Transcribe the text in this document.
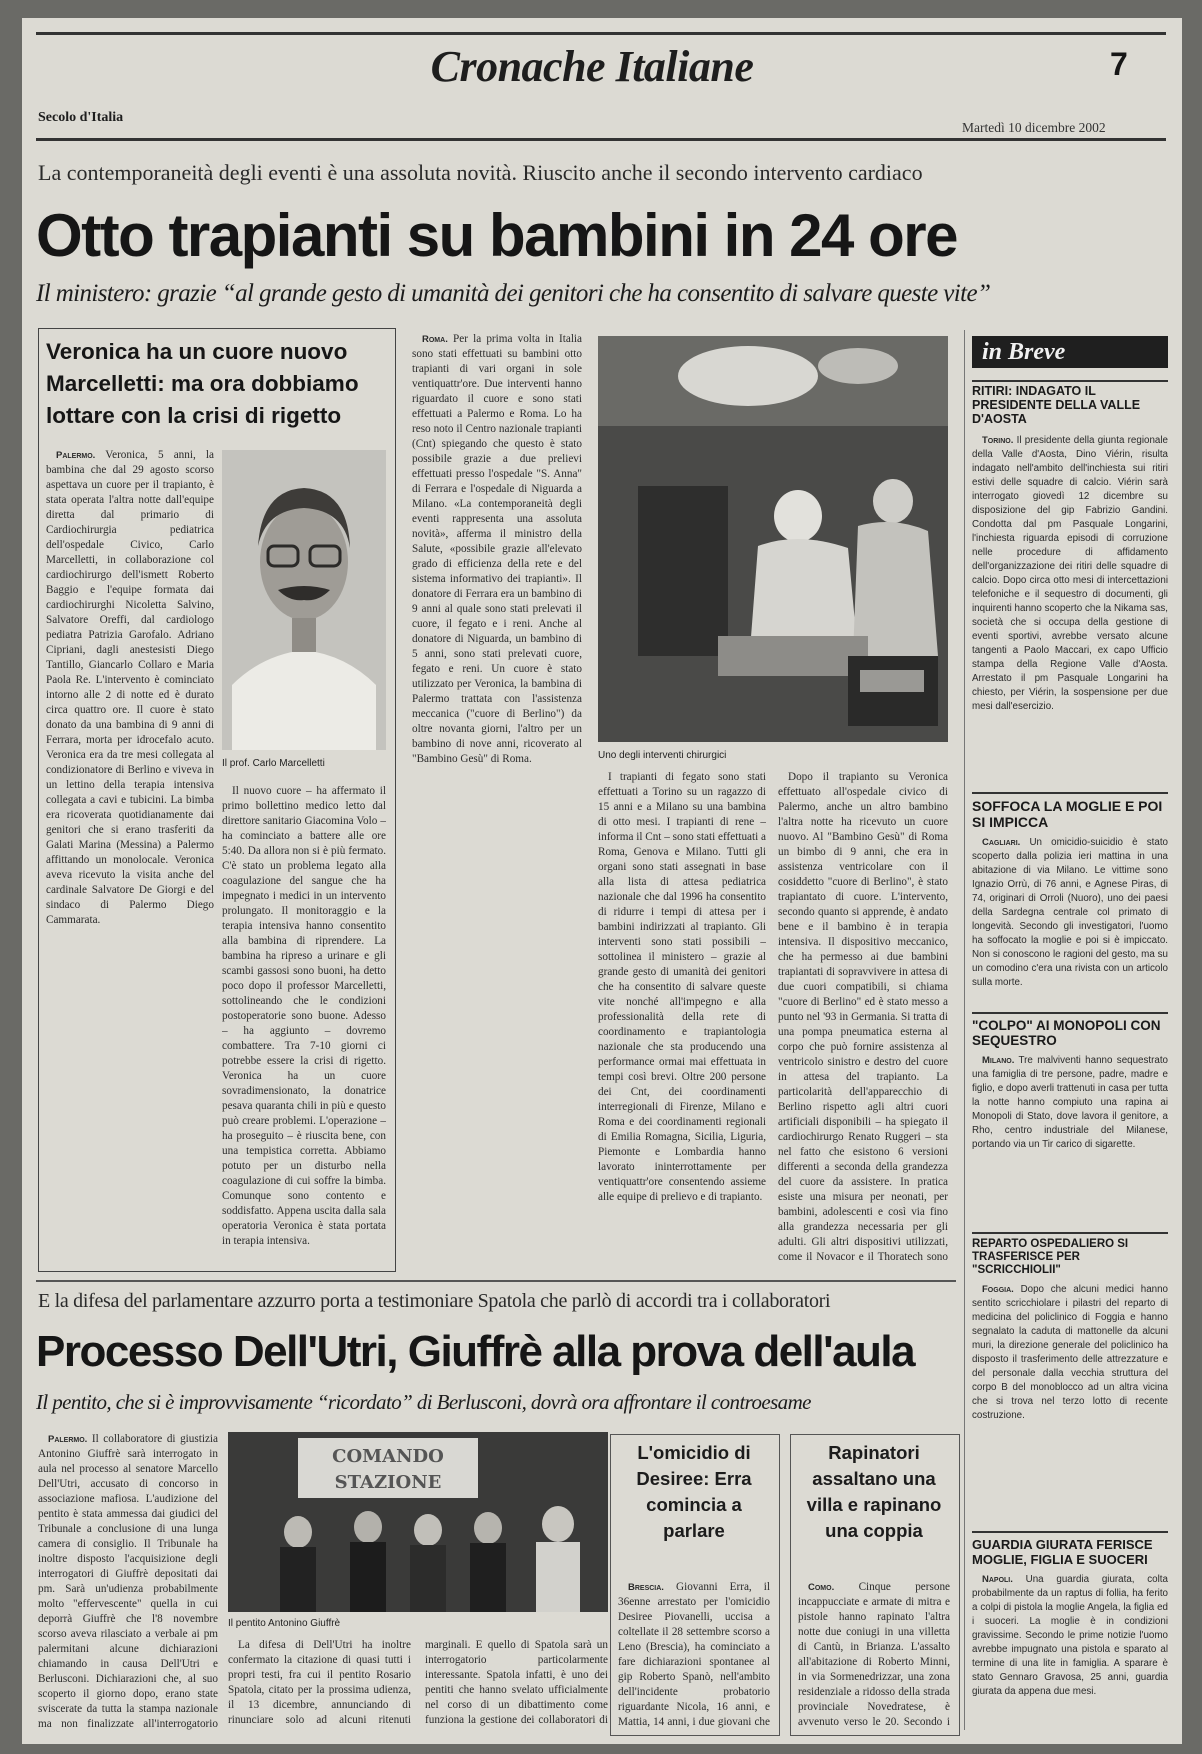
Cronache Italiane	7
Secolo d'Italia
Martedì 10 dicembre 2002
La contemporaneità degli eventi è una assoluta novità. Riuscito anche il secondo intervento cardiaco
Otto trapianti su bambini in 24 ore
Il ministero: grazie “al grande gesto di umanità dei genitori che ha consentito di salvare queste vite”
Veronica ha un cuore nuovo Marcelletti: ma ora dobbiamo lottare con la crisi di rigetto

Palermo. Veronica, 5 anni, la bambina che dal 29 agosto scorso aspettava un cuore per il trapianto, è stata operata l'altra notte dall'equipe diretta dal primario di Cardiochirurgia pediatrica dell'ospedale Civico, Carlo Marcelletti, in collaborazione col cardiochirurgo dell'ismett Roberto Baggio e l'equipe formata dai cardiochirurghi Nicoletta Salvino, Salvatore Oreffi, dal cardiologo pediatra Patrizia Garofalo. Adriano Cipriani, dagli anestesisti Diego Tantillo, Giancarlo Collaro e Maria Paola Re. L'intervento è cominciato intorno alle 2 di notte ed è durato circa quattro ore. Il cuore è stato donato da una bambina di 9 anni di Ferrara, morta per idrocefalo acuto. Veronica era da tre mesi collegata al condizionatore di Berlino e viveva in un lettino della terapia intensiva collegata a cavi e tubicini. La bimba era ricoverata quotidianamente dai genitori che si erano trasferiti da Galati Marina (Messina) a Palermo affittando un monolocale. Veronica aveva ricevuto la visita anche del cardinale Salvatore De Giorgi e del sindaco di Palermo Diego Cammarata.

Il prof. Carlo Marcelletti

Il nuovo cuore – ha affermato il primo bollettino medico letto dal direttore sanitario Giacomina Volo – ha cominciato a battere alle ore 5:40. Da allora non si è più fermato. C'è stato un problema legato alla coagulazione del sangue che ha impegnato i medici in un intervento prolungato. Il monitoraggio e la terapia intensiva hanno consentito alla bambina di riprendere. La bambina ha ripreso a urinare e gli scambi gassosi sono buoni, ha detto poco dopo il professor Marcelletti, sottolineando che le condizioni postoperatorie sono buone. Adesso – ha aggiunto – dovremo combattere. Tra 7-10 giorni ci potrebbe essere la crisi di rigetto. Veronica ha un cuore sovradimensionato, la donatrice pesava quaranta chili in più e questo può creare problemi. L'operazione – ha proseguito – è riuscita bene, con una tempistica corretta. Abbiamo potuto per un disturbo nella coagulazione di cui soffre la bimba. Comunque sono contento e soddisfatto. Appena uscita dalla sala operatoria Veronica è stata portata in terapia intensiva.

Roma. Per la prima volta in Italia sono stati effettuati su bambini otto trapianti di vari organi in sole ventiquattr'ore. Due interventi hanno riguardato il cuore e sono stati effettuati a Palermo e Roma. Lo ha reso noto il Centro nazionale trapianti (Cnt) spiegando che questo è stato possibile grazie a due prelievi effettuati presso l'ospedale "S. Anna" di Ferrara e l'ospedale di Niguarda a Milano. «La contemporaneità degli eventi rappresenta una assoluta novità», afferma il ministro della Salute, «possibile grazie all'elevato grado di efficienza della rete e del sistema informativo dei trapianti». Il donatore di Ferrara era un bambino di 9 anni al quale sono stati prelevati il cuore, il fegato e i reni. Anche al donatore di Niguarda, un bambino di 5 anni, sono stati prelevati cuore, fegato e reni. Un cuore è stato utilizzato per Veronica, la bambina di Palermo trattata con l'assistenza meccanica ("cuore di Berlino") da oltre novanta giorni, l'altro per un bambino di nove anni, ricoverato al "Bambino Gesù" di Roma.	Uno degli interventi chirurgici

I trapianti di fegato sono stati effettuati a Torino su un ragazzo di 15 anni e a Milano su una bambina di otto mesi. I trapianti di rene – informa il Cnt – sono stati effettuati a Roma, Genova e Milano. Tutti gli organi sono stati assegnati in base alla lista di attesa pediatrica nazionale che dal 1996 ha consentito di ridurre i tempi di attesa per i bambini indirizzati al trapianto. Gli interventi sono stati possibili – sottolinea il ministero – grazie al grande gesto di umanità dei genitori che ha consentito di salvare queste vite nonché all'impegno e alla professionalità della rete di coordinamento e trapiantologia nazionale che sta producendo una performance ormai mai effettuata in tempi così brevi. Oltre 200 persone dei Cnt, dei coordinamenti interregionali di Firenze, Milano e Roma e dei coordinamenti regionali di Emilia Romagna, Sicilia, Liguria, Piemonte e Lombardia hanno lavorato ininterrottamente per ventiquattr'ore consentendo assieme alle equipe di prelievo e di trapianto.

Dopo il trapianto su Veronica effettuato all'ospedale civico di Palermo, anche un altro bambino l'altra notte ha ricevuto un cuore nuovo. Al "Bambino Gesù" di Roma un bimbo di 9 anni, che era in assistenza ventricolare con il cosiddetto "cuore di Berlino", è stato trapiantato di cuore. L'intervento, secondo quanto si apprende, è andato bene e il bambino è in terapia intensiva. Il dispositivo meccanico, che ha permesso ai due bambini trapiantati di sopravvivere in attesa di due cuori compatibili, si chiama "cuore di Berlino" ed è stato messo a punto nel '93 in Germania. Si tratta di una pompa pneumatica esterna al corpo che può fornire assistenza al ventricolo sinistro e destro del cuore in attesa del trapianto. La particolarità dell'apparecchio di Berlino rispetto agli altri cuori artificiali disponibili – ha spiegato il cardiochirurgo Renato Ruggeri – sta nel fatto che esistono 6 versioni differenti a seconda della grandezza del cuore da assistere. In pratica esiste una misura per neonati, per bambini, adolescenti e così via fino alla grandezza necessaria per gli adulti. Gli altri dispositivi utilizzati, come il Novacor e il Thoratech sono

in Breve
RITIRI: INDAGATO IL PRESIDENTE DELLA VALLE D'AOSTA

Torino. Il presidente della giunta regionale della Valle d'Aosta, Dino Viérin, risulta indagato nell'ambito dell'inchiesta sui ritiri estivi delle squadre di calcio. Viérin sarà interrogato giovedì 12 dicembre su disposizione del gip Fabrizio Gandini. Condotta dal pm Pasquale Longarini, l'inchiesta riguarda episodi di corruzione nelle procedure di affidamento dell'organizzazione dei ritiri delle squadre di calcio. Dopo circa otto mesi di intercettazioni telefoniche e il sequestro di documenti, gli inquirenti hanno scoperto che la Nikama sas, società che si occupa della gestione di eventi sportivi, avrebbe versato alcune tangenti a Paolo Maccari, ex capo Ufficio stampa della Regione Valle d'Aosta. Arrestato il pm Pasquale Longarini ha chiesto, per Viérin, la sospensione per due mesi dall'esercizio.

SOFFOCA LA MOGLIE E POI SI IMPICCA

Cagliari. Un omicidio-suicidio è stato scoperto dalla polizia ieri mattina in una abitazione di via Milano. Le vittime sono Ignazio Orrù, di 76 anni, e Agnese Piras, di 74, originari di Orroli (Nuoro), uno dei paesi della Sardegna centrale col primato di longevità. Secondo gli investigatori, l'uomo ha soffocato la moglie e poi si è impiccato. Non si conoscono le ragioni del gesto, ma su un comodino c'era una rivista con un articolo sulla morte.

"COLPO" AI MONOPOLI CON SEQUESTRO

Milano. Tre malviventi hanno sequestrato una famiglia di tre persone, padre, madre e figlio, e dopo averli trattenuti in casa per tutta la notte hanno compiuto una rapina ai Monopoli di Stato, dove lavora il genitore, a Rho, centro industriale del Milanese, portando via un Tir carico di sigarette.

REPARTO OSPEDALIERO SI TRASFERISCE PER "SCRICCHIOLII"

Foggia. Dopo che alcuni medici hanno sentito scricchiolare i pilastri del reparto di medicina del policlinico di Foggia e hanno segnalato la caduta di mattonelle da alcuni muri, la direzione generale del policlinico ha disposto il trasferimento delle attrezzature e del personale dalla vecchia struttura del corpo B del monoblocco ad un altra vicina che si trova nel terzo lotto di recente costruzione.

GUARDIA GIURATA FERISCE MOGLIE, FIGLIA E SUOCERI

Napoli. Una guardia giurata, colta probabilmente da un raptus di follia, ha ferito a colpi di pistola la moglie Angela, la figlia ed i suoceri. La moglie è in condizioni gravissime. Secondo le prime notizie l'uomo avrebbe impugnato una pistola e sparato al termine di una lite in famiglia. A sparare è stato Gennaro Gravosa, 25 anni, guardia giurata da appena due mesi.

E la difesa del parlamentare azzurro porta a testimoniare Spatola che parlò di accordi tra i collaboratori
Processo Dell'Utri, Giuffrè alla prova dell'aula
Il pentito, che si è improvvisamente “ricordato” di Berlusconi, dovrà ora affrontare il controesame

Palermo. Il collaboratore di giustizia Antonino Giuffrè sarà interrogato in aula nel processo al senatore Marcello Dell'Utri, accusato di concorso in associazione mafiosa. L'audizione del pentito è stata ammessa dai giudici del Tribunale a conclusione di una lunga camera di consiglio. Il Tribunale ha inoltre disposto l'acquisizione degli interrogatori di Giuffrè depositati dai pm. Sarà un'udienza probabilmente molto "effervescente" quella in cui deporrà Giuffrè che l'8 novembre scorso aveva rilasciato a verbale ai pm palermitani alcune dichiarazioni chiamando in causa Dell'Utri e Berlusconi. Dichiarazioni che, al suo scoperto il giorno dopo, erano state sviscerate da tutta la stampa nazionale ma non finalizzate all'interrogatorio

COMANDO
STAZIONE
Il pentito Antonino Giuffrè

La difesa di Dell'Utri ha inoltre confermato la citazione di quasi tutti i propri testi, fra cui il pentito Rosario Spatola, citato per la prossima udienza, il 13 dicembre, annunciando di rinunciare solo ad alcuni ritenuti marginali. E quello di Spatola sarà un interrogatorio particolarmente interessante. Spatola infatti, è uno dei pentiti che hanno svelato ufficialmente nel corso di un dibattimento come funziona la gestione dei collaboratori di

L'omicidio di Desiree: Erra comincia a parlare

Brescia. Giovanni Erra, il 36enne arrestato per l'omicidio Desiree Piovanelli, uccisa a coltellate il 28 settembre scorso a Leno (Brescia), ha cominciato a fare dichiarazioni spontanee al gip Roberto Spanò, nell'ambito dell'incidente probatorio riguardante Nicola, 16 anni, e Mattia, 14 anni, i due giovani che

Rapinatori assaltano una villa e rapinano una coppia

Como. Cinque persone incappucciate e armate di mitra e pistole hanno rapinato l'altra notte due coniugi in una villetta di Cantù, in Brianza. L'assalto all'abitazione di Roberto Minni, in via Sormenedrizzar, una zona residenziale a ridosso della strada provinciale Novedratese, è avvenuto verso le 20. Secondo i
